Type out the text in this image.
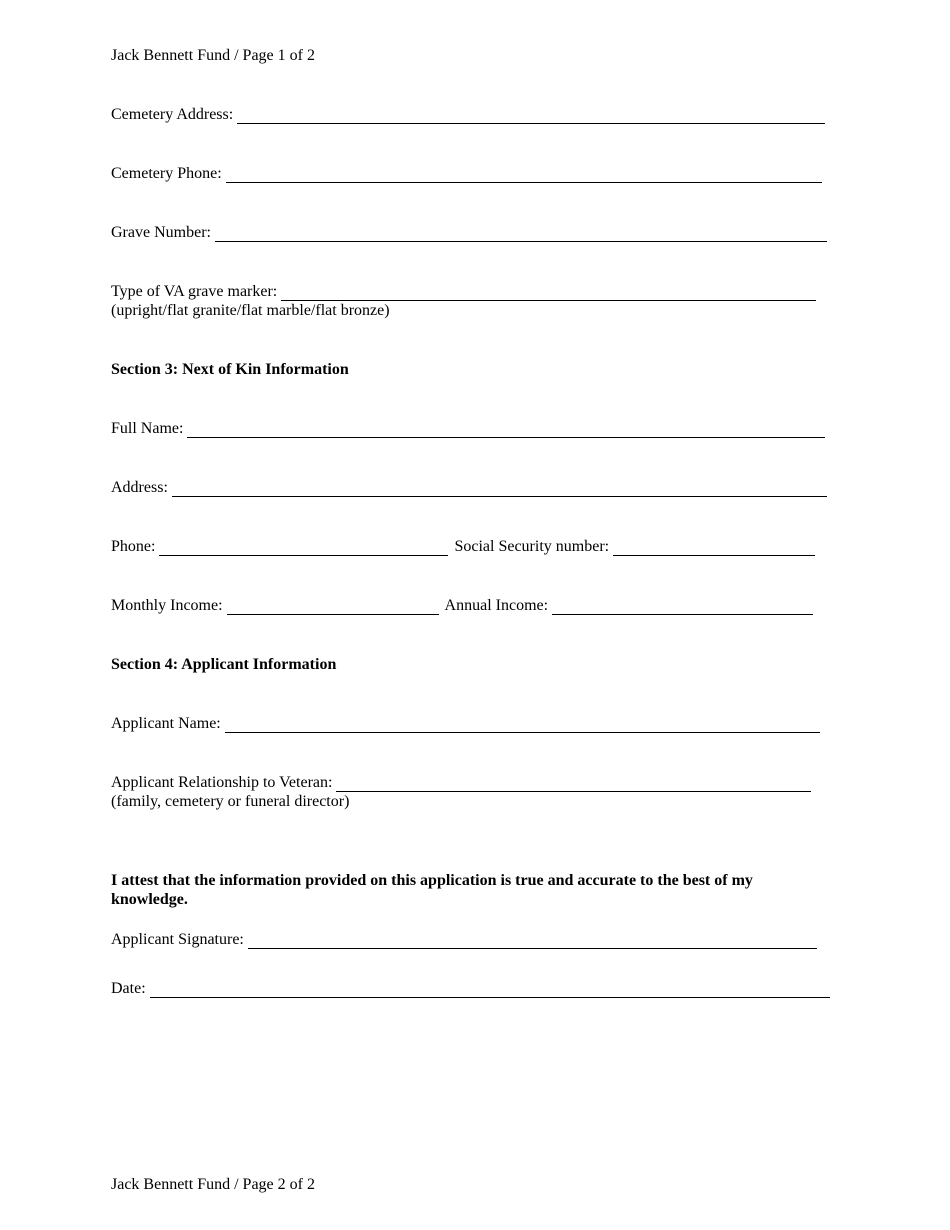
Jack Bennett Fund / Page 1 of 2
Cemetery Address:
Cemetery Phone:
Grave Number:
Type of VA grave marker:
(upright/flat granite/flat marble/flat bronze)
Section 3: Next of Kin Information
Full Name:
Address:
Phone:	Social Security number:
Monthly Income:	Annual Income:
Section 4: Applicant Information
Applicant Name:
Applicant Relationship to Veteran:
(family, cemetery or funeral director)
I attest that the information provided on this application is true and accurate to the best of my knowledge.
Applicant Signature:
Date:
Jack Bennett Fund / Page 2 of 2
